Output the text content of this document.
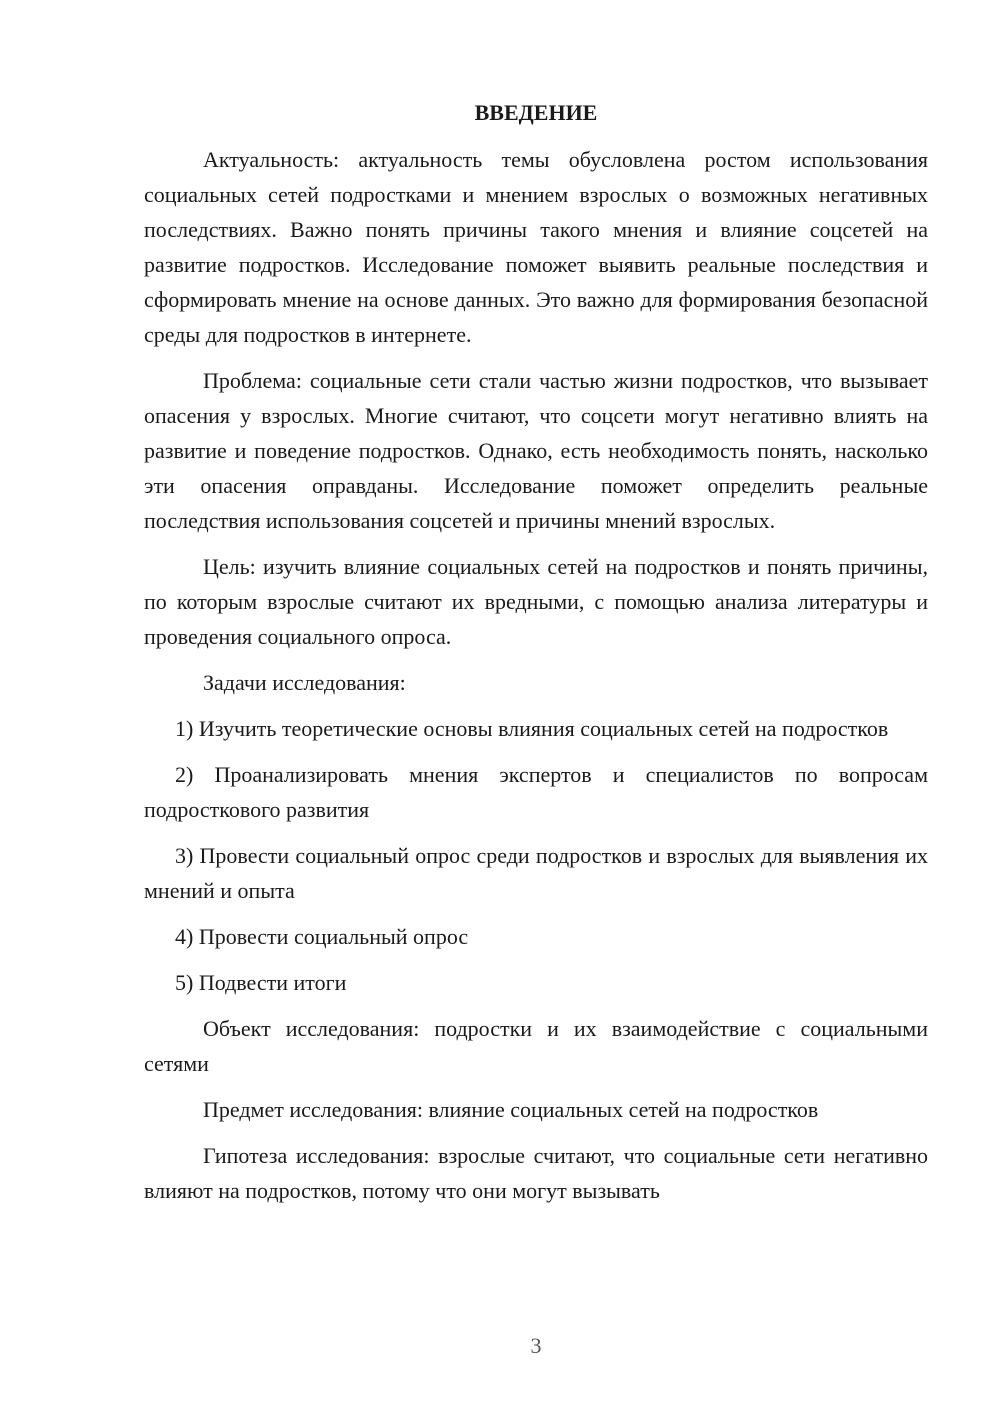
ВВЕДЕНИЕ

Актуальность: актуальность темы обусловлена ростом использования социальных сетей подростками и мнением взрослых о возможных негативных последствиях. Важно понять причины такого мнения и влияние соцсетей на развитие подростков. Исследование поможет выявить реальные последствия и сформировать мнение на основе данных. Это важно для формирования безопасной среды для подростков в интернете.

Проблема: социальные сети стали частью жизни подростков, что вызывает опасения у взрослых. Многие считают, что соцсети могут негативно влиять на развитие и поведение подростков. Однако, есть необходимость понять, насколько эти опасения оправданы. Исследование поможет определить реальные последствия использования соцсетей и причины мнений взрослых.

Цель: изучить влияние социальных сетей на подростков и понять причины, по которым взрослые считают их вредными, с помощью анализа литературы и проведения социального опроса.

Задачи исследования:

1) Изучить теоретические основы влияния социальных сетей на подростков

2) Проанализировать мнения экспертов и специалистов по вопросам подросткового развития

3) Провести социальный опрос среди подростков и взрослых для выявления их мнений и опыта

4) Провести социальный опрос

5) Подвести итоги

Объект исследования: подростки и их взаимодействие с социальными сетями

Предмет исследования: влияние социальных сетей на подростков

Гипотеза исследования: взрослые считают, что социальные сети негативно влияют на подростков, потому что они могут вызывать

3
